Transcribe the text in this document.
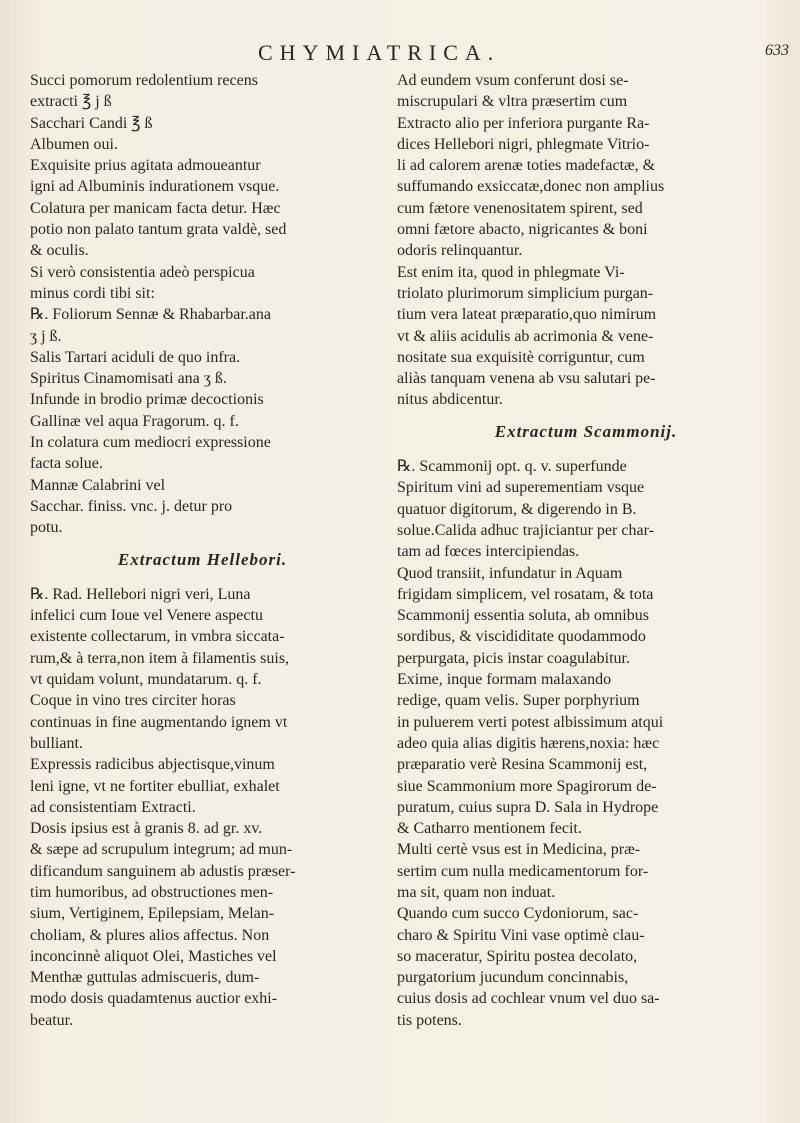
CHYMIATRICA.	633
Succi pomorum redolentium recens
extracti ℥ j ß
Sacchari Candi ℥ ß
Albumen oui.
Exquisite prius agitata admoueantur
igni ad Albuminis indurationem vsque.
Colatura per manicam facta detur. Hæc
potio non palato tantum grata valdè, sed
& oculis.
Si verò consistentia adeò perspicua
minus cordi tibi sit:
℞. Foliorum Sennæ & Rhabarbar.ana
ʒ j ß.
Salis Tartari aciduli de quo infra.
Spiritus Cinamomisati ana ʒ ß.
Infunde in brodio primæ decoctionis
Gallinæ vel aqua Fragorum. q. f.
In colatura cum mediocri expressione
facta solue.
Mannæ Calabrini vel
Sacchar. finiss. vnc. j. detur pro
potu.
Extractum Hellebori.
℞. Rad. Hellebori nigri veri, Luna
infelici cum Ioue vel Venere aspectu
existente collectarum, in vmbra siccata-
rum,& à terra,non item à filamentis suis,
vt quidam volunt, mundatarum. q. f.
Coque in vino tres circiter horas
continuas in fine augmentando ignem vt
bulliant.
Expressis radicibus abjectisque,vinum
leni igne, vt ne fortiter ebulliat, exhalet
ad consistentiam Extracti.
Dosis ipsius est à granis 8. ad gr. xv.
& sæpe ad scrupulum integrum; ad mun-
dificandum sanguinem ab adustis præser-
tim humoribus, ad obstructiones men-
sium, Vertiginem, Epilepsiam, Melan-
choliam, & plures alios affectus. Non
inconcinnè aliquot Olei, Mastiches vel
Menthæ guttulas admiscueris, dum-
modo dosis quadamtenus auctior exhi-
beatur.
Ad eundem vsum conferunt dosi se-
miscrupulari & vltra præsertim cum
Extracto alio per inferiora purgante Ra-
dices Hellebori nigri, phlegmate Vitrio-
li ad calorem arenæ toties madefactæ, &
suffumando exsiccatæ,donec non amplius
cum fætore venenositatem spirent, sed
omni fætore abacto, nigricantes & boni
odoris relinquantur.
Est enim ita, quod in phlegmate Vi-
triolato plurimorum simplicium purgan-
tium vera lateat præparatio,quo nimirum
vt & aliis acidulis ab acrimonia & vene-
nositate sua exquisitè corriguntur, cum
aliàs tanquam venena ab vsu salutari pe-
nitus abdicentur.
Extractum Scammonij.
℞. Scammonij opt. q. v. superfunde
Spiritum vini ad superementiam vsque
quatuor digitorum, & digerendo in B.
solue.Calida adhuc trajiciantur per char-
tam ad fœces intercipiendas.
Quod transiit, infundatur in Aquam
frigidam simplicem, vel rosatam, & tota
Scammonij essentia soluta, ab omnibus
sordibus, & viscididitate quodammodo
perpurgata, picis instar coagulabitur.
Exime, inque formam malaxando
redige, quam velis. Super porphyrium
in puluerem verti potest albissimum atqui
adeo quia alias digitis hærens,noxia: hæc
præparatio verè Resina Scammonij est,
siue Scammonium more Spagirorum de-
puratum, cuius supra D. Sala in Hydrope
& Catharro mentionem fecit.
Multi certè vsus est in Medicina, præ-
sertim cum nulla medicamentorum for-
ma sit, quam non induat.
Quando cum succo Cydoniorum, sac-
charo & Spiritu Vini vase optimè clau-
so maceratur, Spiritu postea decolato,
purgatorium jucundum concinnabis,
cuius dosis ad cochlear vnum vel duo sa-
tis potens.
